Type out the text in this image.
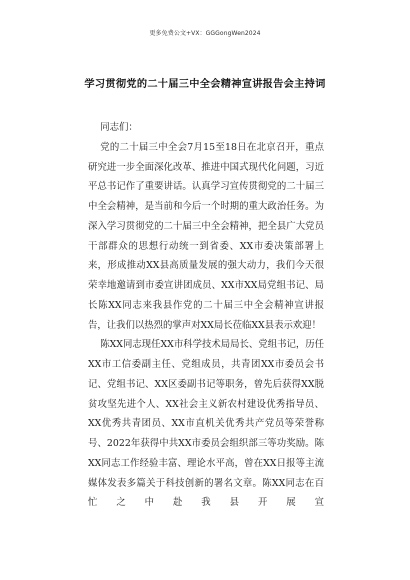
更多免费公文+VX：GGGongWen2024
学习贯彻党的二十届三中全会精神宣讲报告会主持词

同志们：

党的二十届三中全会7月15至18日在北京召开，重点研究进一步全面深化改革、推进中国式现代化问题，习近平总书记作了重要讲话。认真学习宣传贯彻党的二十届三中全会精神，是当前和今后一个时期的重大政治任务。为深入学习贯彻党的二十届三中全会精神，把全县广大党员干部群众的思想行动统一到省委、XX市委决策部署上来，形成推动XX县高质量发展的强大动力，我们今天很荣幸地邀请到市委宣讲团成员、XX市XX局党组书记、局长陈XX同志来我县作党的二十届三中全会精神宣讲报告，让我们以热烈的掌声对XX局长莅临XX县表示欢迎！

陈XX同志现任XX市科学技术局局长、党组书记，历任XX市工信委副主任、党组成员，共青团XX市委员会书记、党组书记、XX区委副书记等职务，曾先后获得XX脱贫攻坚先进个人、XX社会主义新农村建设优秀指导员、XX优秀共青团员、XX市直机关优秀共产党员等荣誉称号、2022年获得中共XX市委员会组织部三等功奖励。陈XX同志工作经验丰富、理论水平高，曾在XX日报等主流媒体发表多篇关于科技创新的署名文章。陈XX同志在百忙之中赴我县开展宣
